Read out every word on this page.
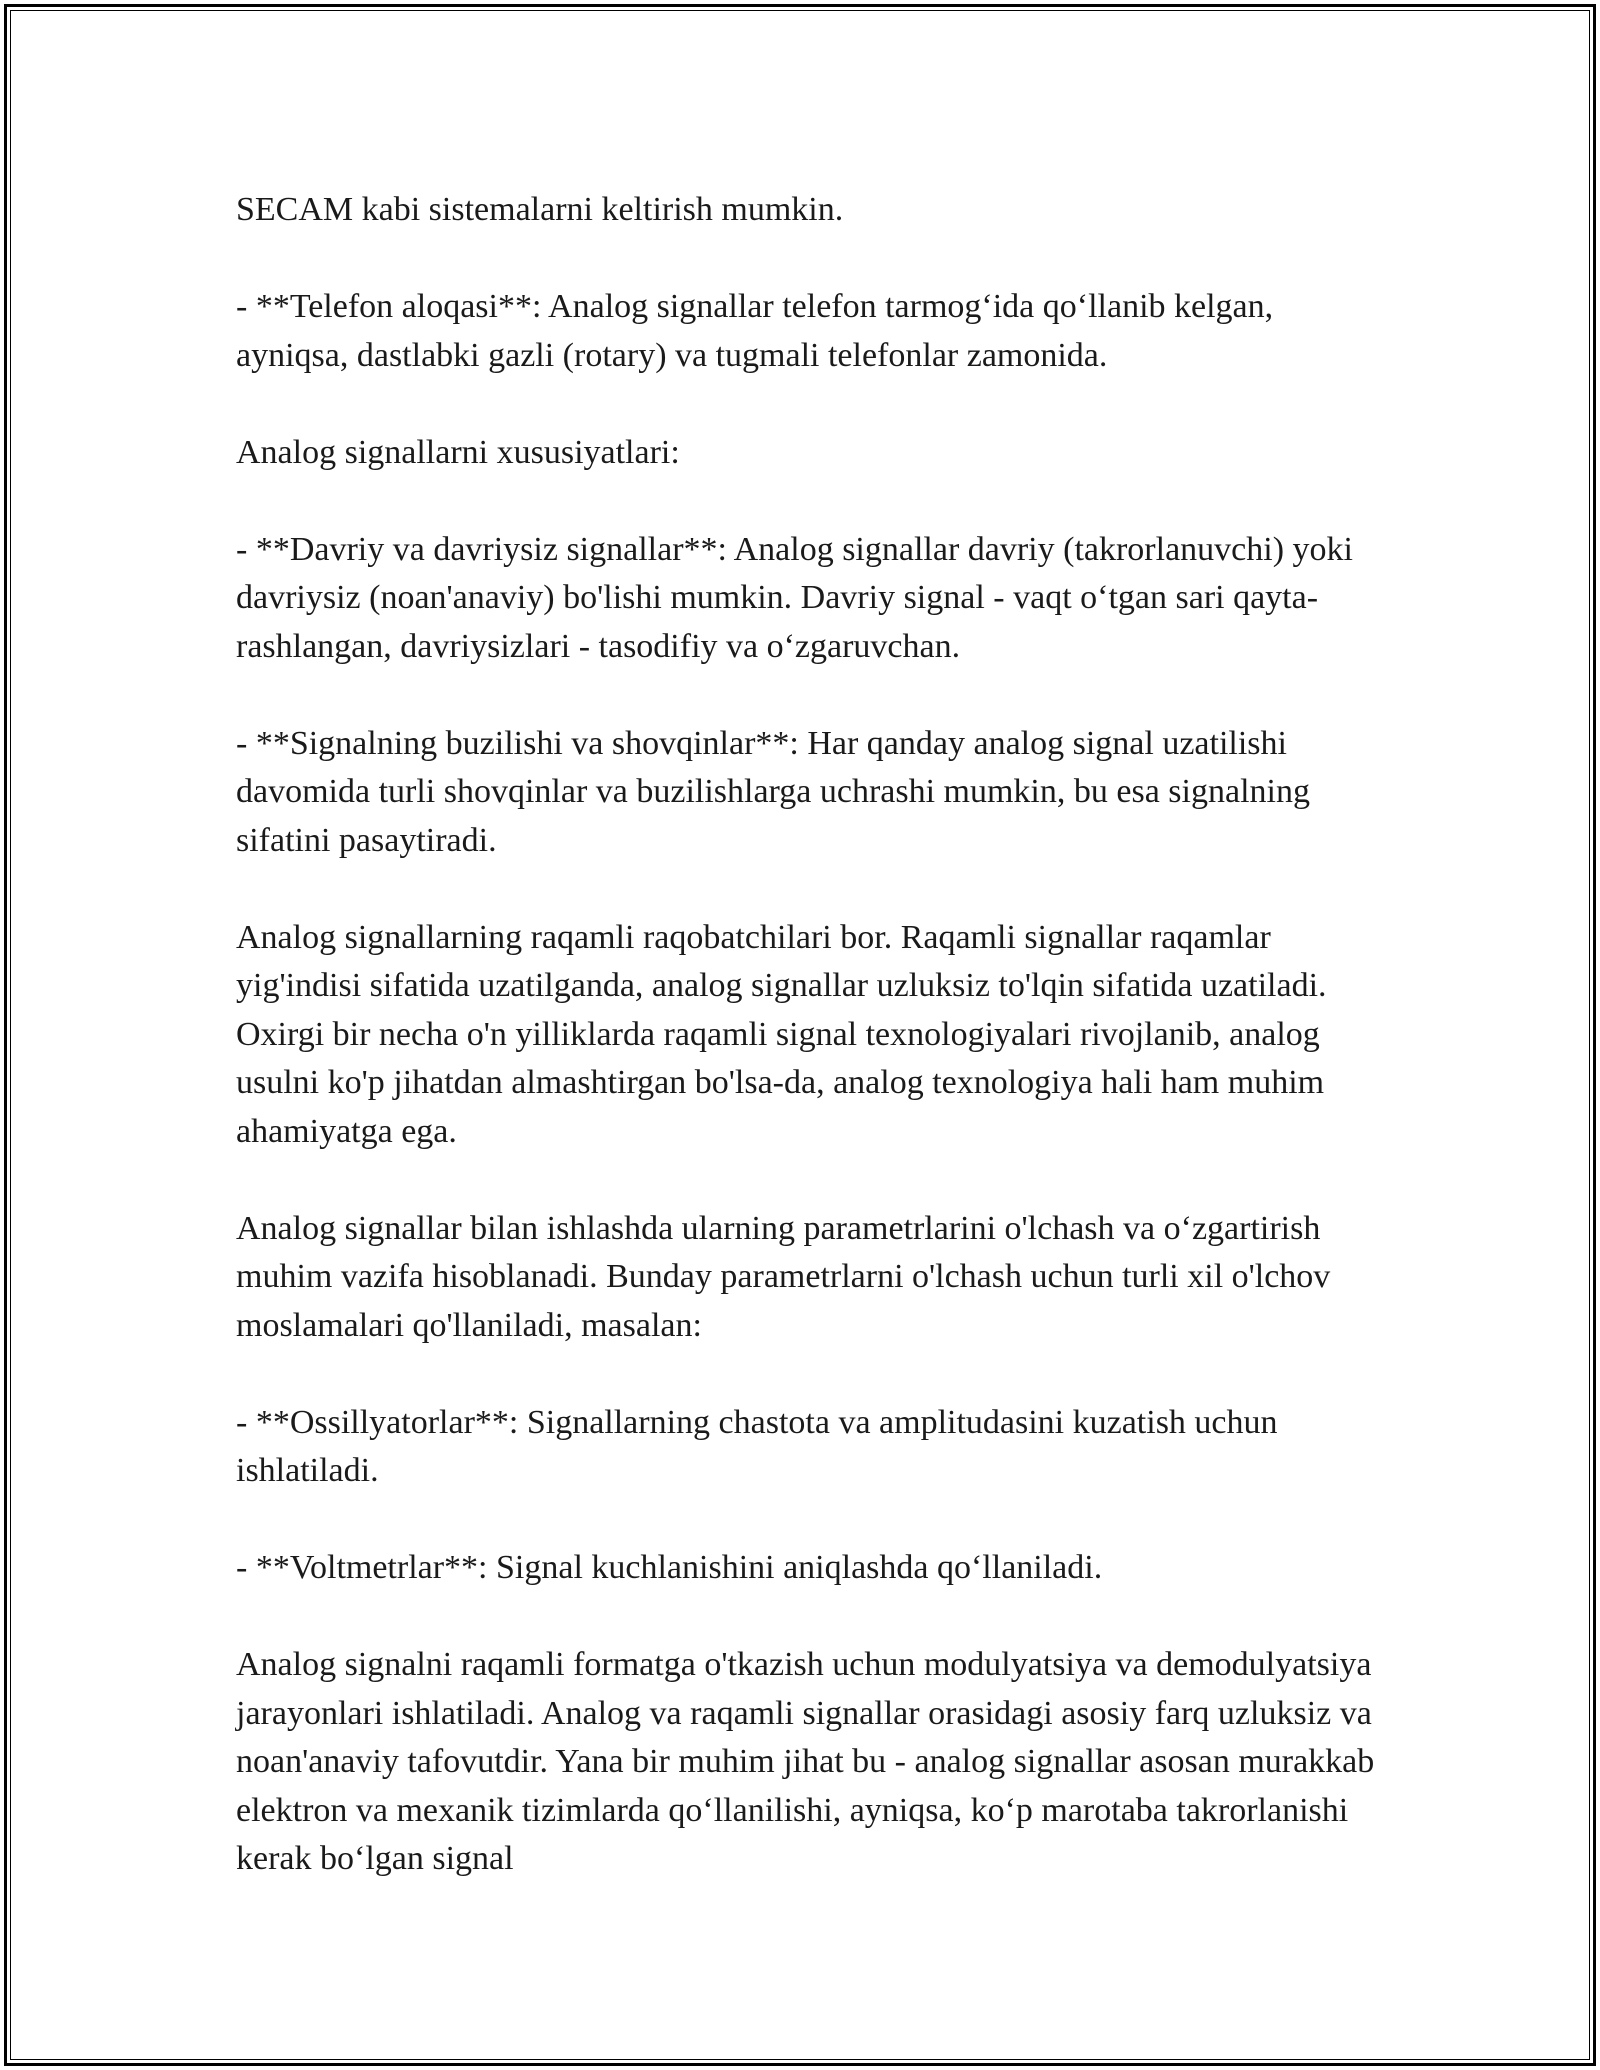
SECAM kabi sistemalarni keltirish mumkin.

- **Telefon aloqasi**: Analog signallar telefon tarmog‘ida qo‘llanib kelgan, ayniqsa, dastlabki gazli (rotary) va tugmali telefonlar zamonida.

Analog signallarni xususiyatlari:

- **Davriy va davriysiz signallar**: Analog signallar davriy (takrorlanuvchi) yoki davriysiz (noan'anaviy) bo'lishi mumkin. Davriy signal - vaqt o‘tgan sari qayta-rashlangan, davriysizlari - tasodifiy va o‘zgaruvchan.

- **Signalning buzilishi va shovqinlar**: Har qanday analog signal uzatilishi davomida turli shovqinlar va buzilishlarga uchrashi mumkin, bu esa signalning sifatini pasaytiradi.

Analog signallarning raqamli raqobatchilari bor. Raqamli signallar raqamlar yig'indisi sifatida uzatilganda, analog signallar uzluksiz to'lqin sifatida uzatiladi. Oxirgi bir necha o'n yilliklarda raqamli signal texnologiyalari rivojlanib, analog usulni ko'p jihatdan almashtirgan bo'lsa-da, analog texnologiya hali ham muhim ahamiyatga ega.

Analog signallar bilan ishlashda ularning parametrlarini o'lchash va o‘zgartirish muhim vazifa hisoblanadi. Bunday parametrlarni o'lchash uchun turli xil o'lchov moslamalari qo'llaniladi, masalan:

- **Ossillyatorlar**: Signallarning chastota va amplitudasini kuzatish uchun ishlatiladi.

- **Voltmetrlar**: Signal kuchlanishini aniqlashda qo‘llaniladi.

Analog signalni raqamli formatga o'tkazish uchun modulyatsiya va demodulyatsiya jarayonlari ishlatiladi. Analog va raqamli signallar orasidagi asosiy farq uzluksiz va noan'anaviy tafovutdir. Yana bir muhim jihat bu - analog signallar asosan murakkab elektron va mexanik tizimlarda qo‘llanilishi, ayniqsa, ko‘p marotaba takrorlanishi kerak bo‘lgan signal
